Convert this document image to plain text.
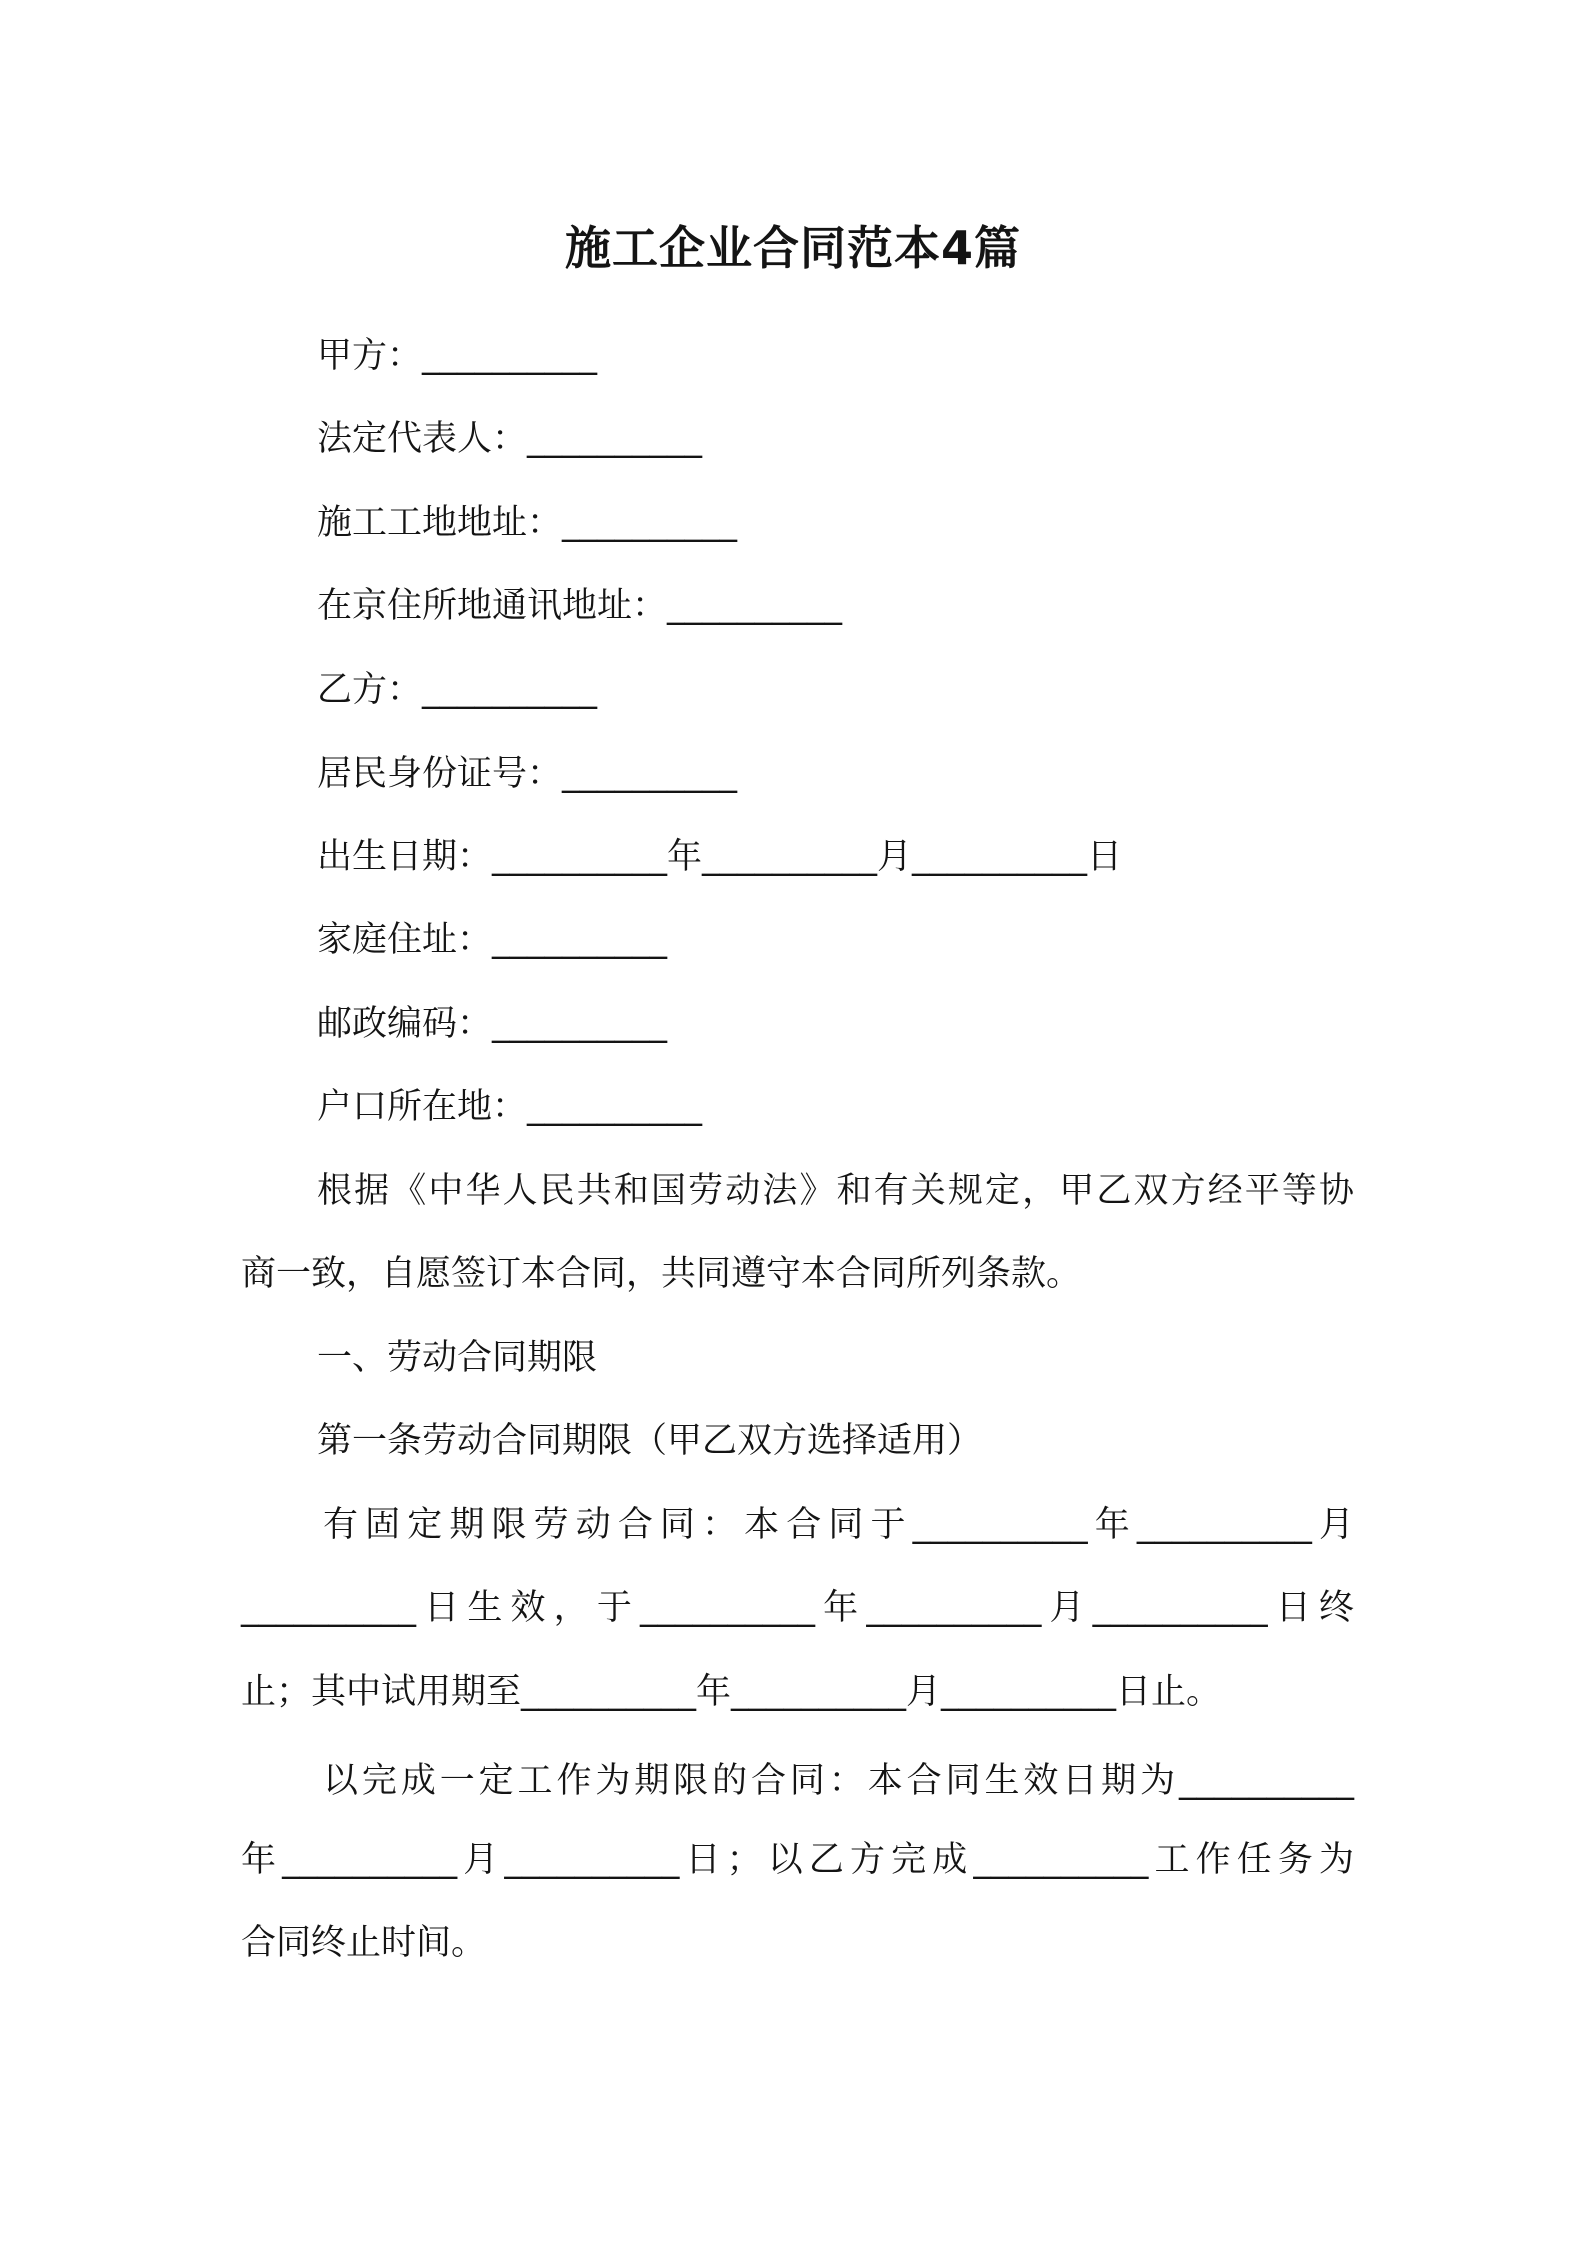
施工企业合同范本4篇
甲方：__________
法定代表人：__________
施工工地地址：__________
在京住所地通讯地址：__________
乙方：__________
居民身份证号：__________
出生日期：__________年__________月__________日
家庭住址：__________
邮政编码：__________
户口所在地：__________
根据《中华人民共和国劳动法》和有关规定，甲乙双方经平等协
商一致，自愿签订本合同，共同遵守本合同所列条款。
一、劳动合同期限
第一条劳动合同期限（甲乙双方选择适用）
有固定期限劳动合同：本合同于__________年__________月
__________日生效，于__________年__________月__________日终
止；其中试用期至__________年__________月__________日止。
以完成一定工作为期限的合同：本合同生效日期为__________
年__________月__________日；以乙方完成__________工作任务为
合同终止时间。
